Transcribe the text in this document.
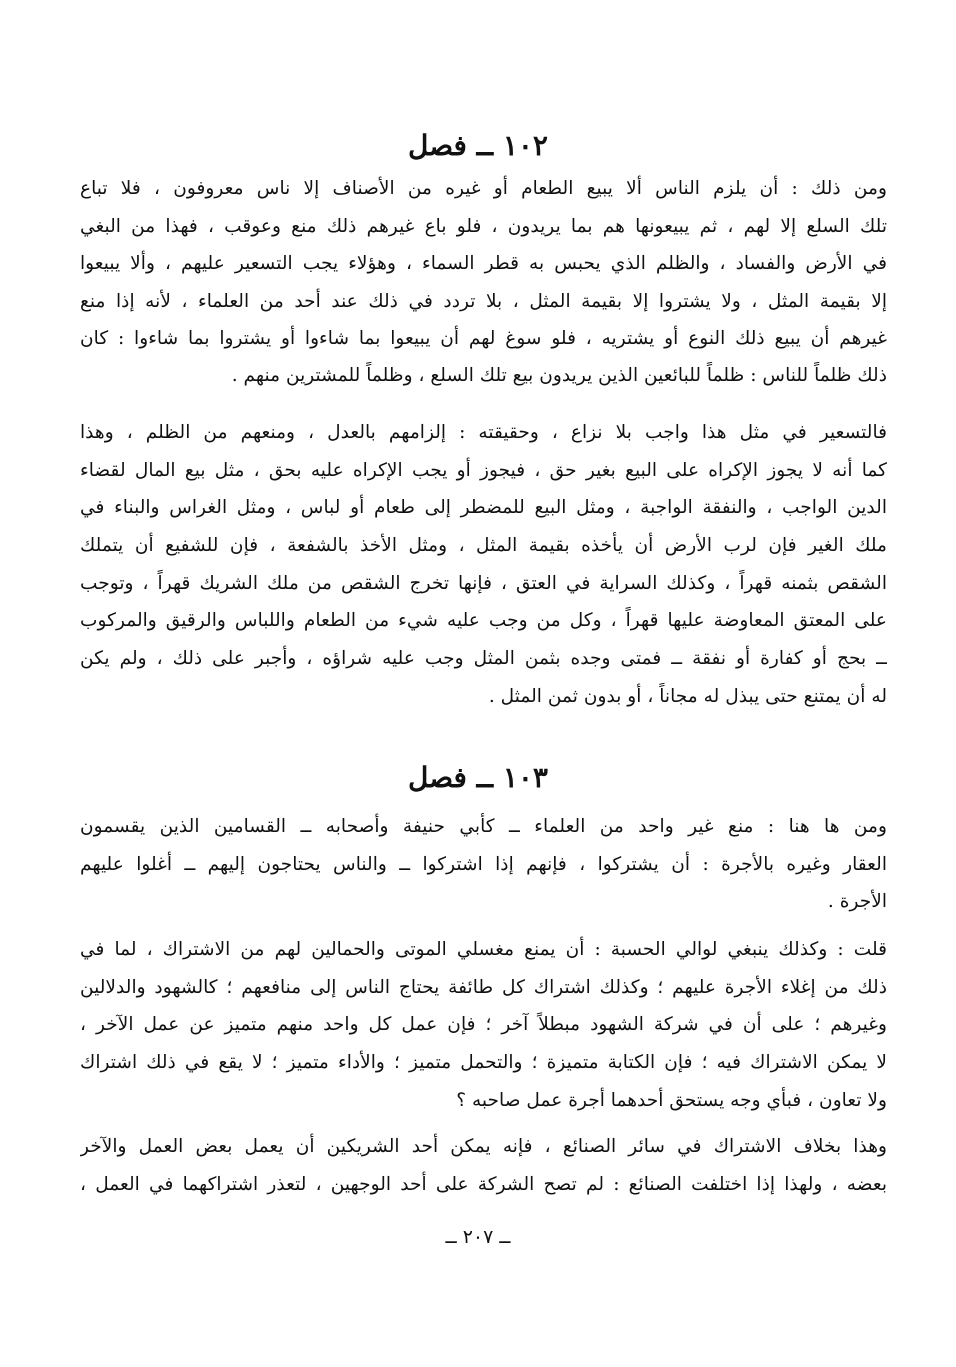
١٠٢ ــ فصل
ومن ذلك : أن يلزم الناس ألا يبيع الطعام أو غيره من الأصناف إلا ناس معروفون ، فلا تباع
تلك السلع إلا لهم ، ثم يبيعونها هم بما يريدون ، فلو باع غيرهم ذلك منع وعوقب ، فهذا من البغي
في الأرض والفساد ، والظلم الذي يحبس به قطر السماء ، وهؤلاء يجب التسعير عليهم ، وألا يبيعوا
إلا بقيمة المثل ، ولا يشتروا إلا بقيمة المثل ، بلا تردد في ذلك عند أحد من العلماء ، لأنه إذا منع
غيرهم أن يبيع ذلك النوع أو يشتريه ، فلو سوغ لهم أن يبيعوا بما شاءوا أو يشتروا بما شاءوا : كان
ذلك ظلماً للناس : ظلماً للبائعين الذين يريدون بيع تلك السلع ، وظلماً للمشترين منهم .
فالتسعير في مثل هذا واجب بلا نزاع ، وحقيقته : إلزامهم بالعدل ، ومنعهم من الظلم ، وهذا
كما أنه لا يجوز الإكراه على البيع بغير حق ، فيجوز أو يجب الإكراه عليه بحق ، مثل بيع المال لقضاء
الدين الواجب ، والنفقة الواجبة ، ومثل البيع للمضطر إلى طعام أو لباس ، ومثل الغراس والبناء في
ملك الغير فإن لرب الأرض أن يأخذه بقيمة المثل ، ومثل الأخذ بالشفعة ، فإن للشفيع أن يتملك
الشقص بثمنه قهراً ، وكذلك السراية في العتق ، فإنها تخرج الشقص من ملك الشريك قهراً ، وتوجب
على المعتق المعاوضة عليها قهراً ، وكل من وجب عليه شيء من الطعام واللباس والرقيق والمركوب
ــ بحج أو كفارة أو نفقة ــ فمتى وجده بثمن المثل وجب عليه شراؤه ، وأجبر على ذلك ، ولم يكن
له أن يمتنع حتى يبذل له مجاناً ، أو بدون ثمن المثل .
١٠٣ ــ فصل
ومن ها هنا : منع غير واحد من العلماء ــ كأبي حنيفة وأصحابه ــ القسامين الذين يقسمون
العقار وغيره بالأجرة : أن يشتركوا ، فإنهم إذا اشتركوا ــ والناس يحتاجون إليهم ــ أغلوا عليهم
الأجرة .
قلت : وكذلك ينبغي لوالي الحسبة : أن يمنع مغسلي الموتى والحمالين لهم من الاشتراك ، لما في
ذلك من إغلاء الأجرة عليهم ؛ وكذلك اشتراك كل طائفة يحتاج الناس إلى منافعهم ؛ كالشهود والدلالين
وغيرهم ؛ على أن في شركة الشهود مبطلاً آخر ؛ فإن عمل كل واحد منهم متميز عن عمل الآخر ،
لا يمكن الاشتراك فيه ؛ فإن الكتابة متميزة ؛ والتحمل متميز ؛ والأداء متميز ؛ لا يقع في ذلك اشتراك
ولا تعاون ، فبأي وجه يستحق أحدهما أجرة عمل صاحبه ؟
وهذا بخلاف الاشتراك في سائر الصنائع ، فإنه يمكن أحد الشريكين أن يعمل بعض العمل والآخر
بعضه ، ولهذا إذا اختلفت الصنائع : لم تصح الشركة على أحد الوجهين ، لتعذر اشتراكهما في العمل ،
ــ ٢٠٧ ــ
